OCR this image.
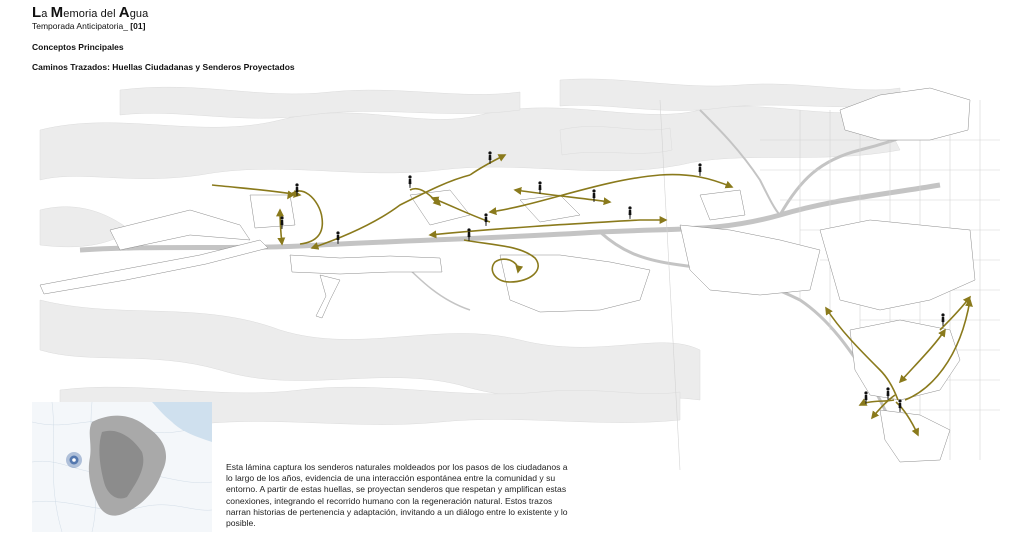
La Memoria del Agua
Temporada Anticipatoria_ [01]
Conceptos Principales
Caminos Trazados: Huellas Ciudadanas y Senderos Proyectados
Esta lámina captura los senderos naturales moldeados por los pasos de los ciudadanos a lo largo de los años, evidencia de una interacción espontánea entre la comunidad y su entorno. A partir de estas huellas, se proyectan senderos que respetan y amplifican estas conexiones, integrando el recorrido humano con la regeneración natural. Estos trazos narran historias de pertenencia y adaptación, invitando a un diálogo entre lo existente y lo posible.
